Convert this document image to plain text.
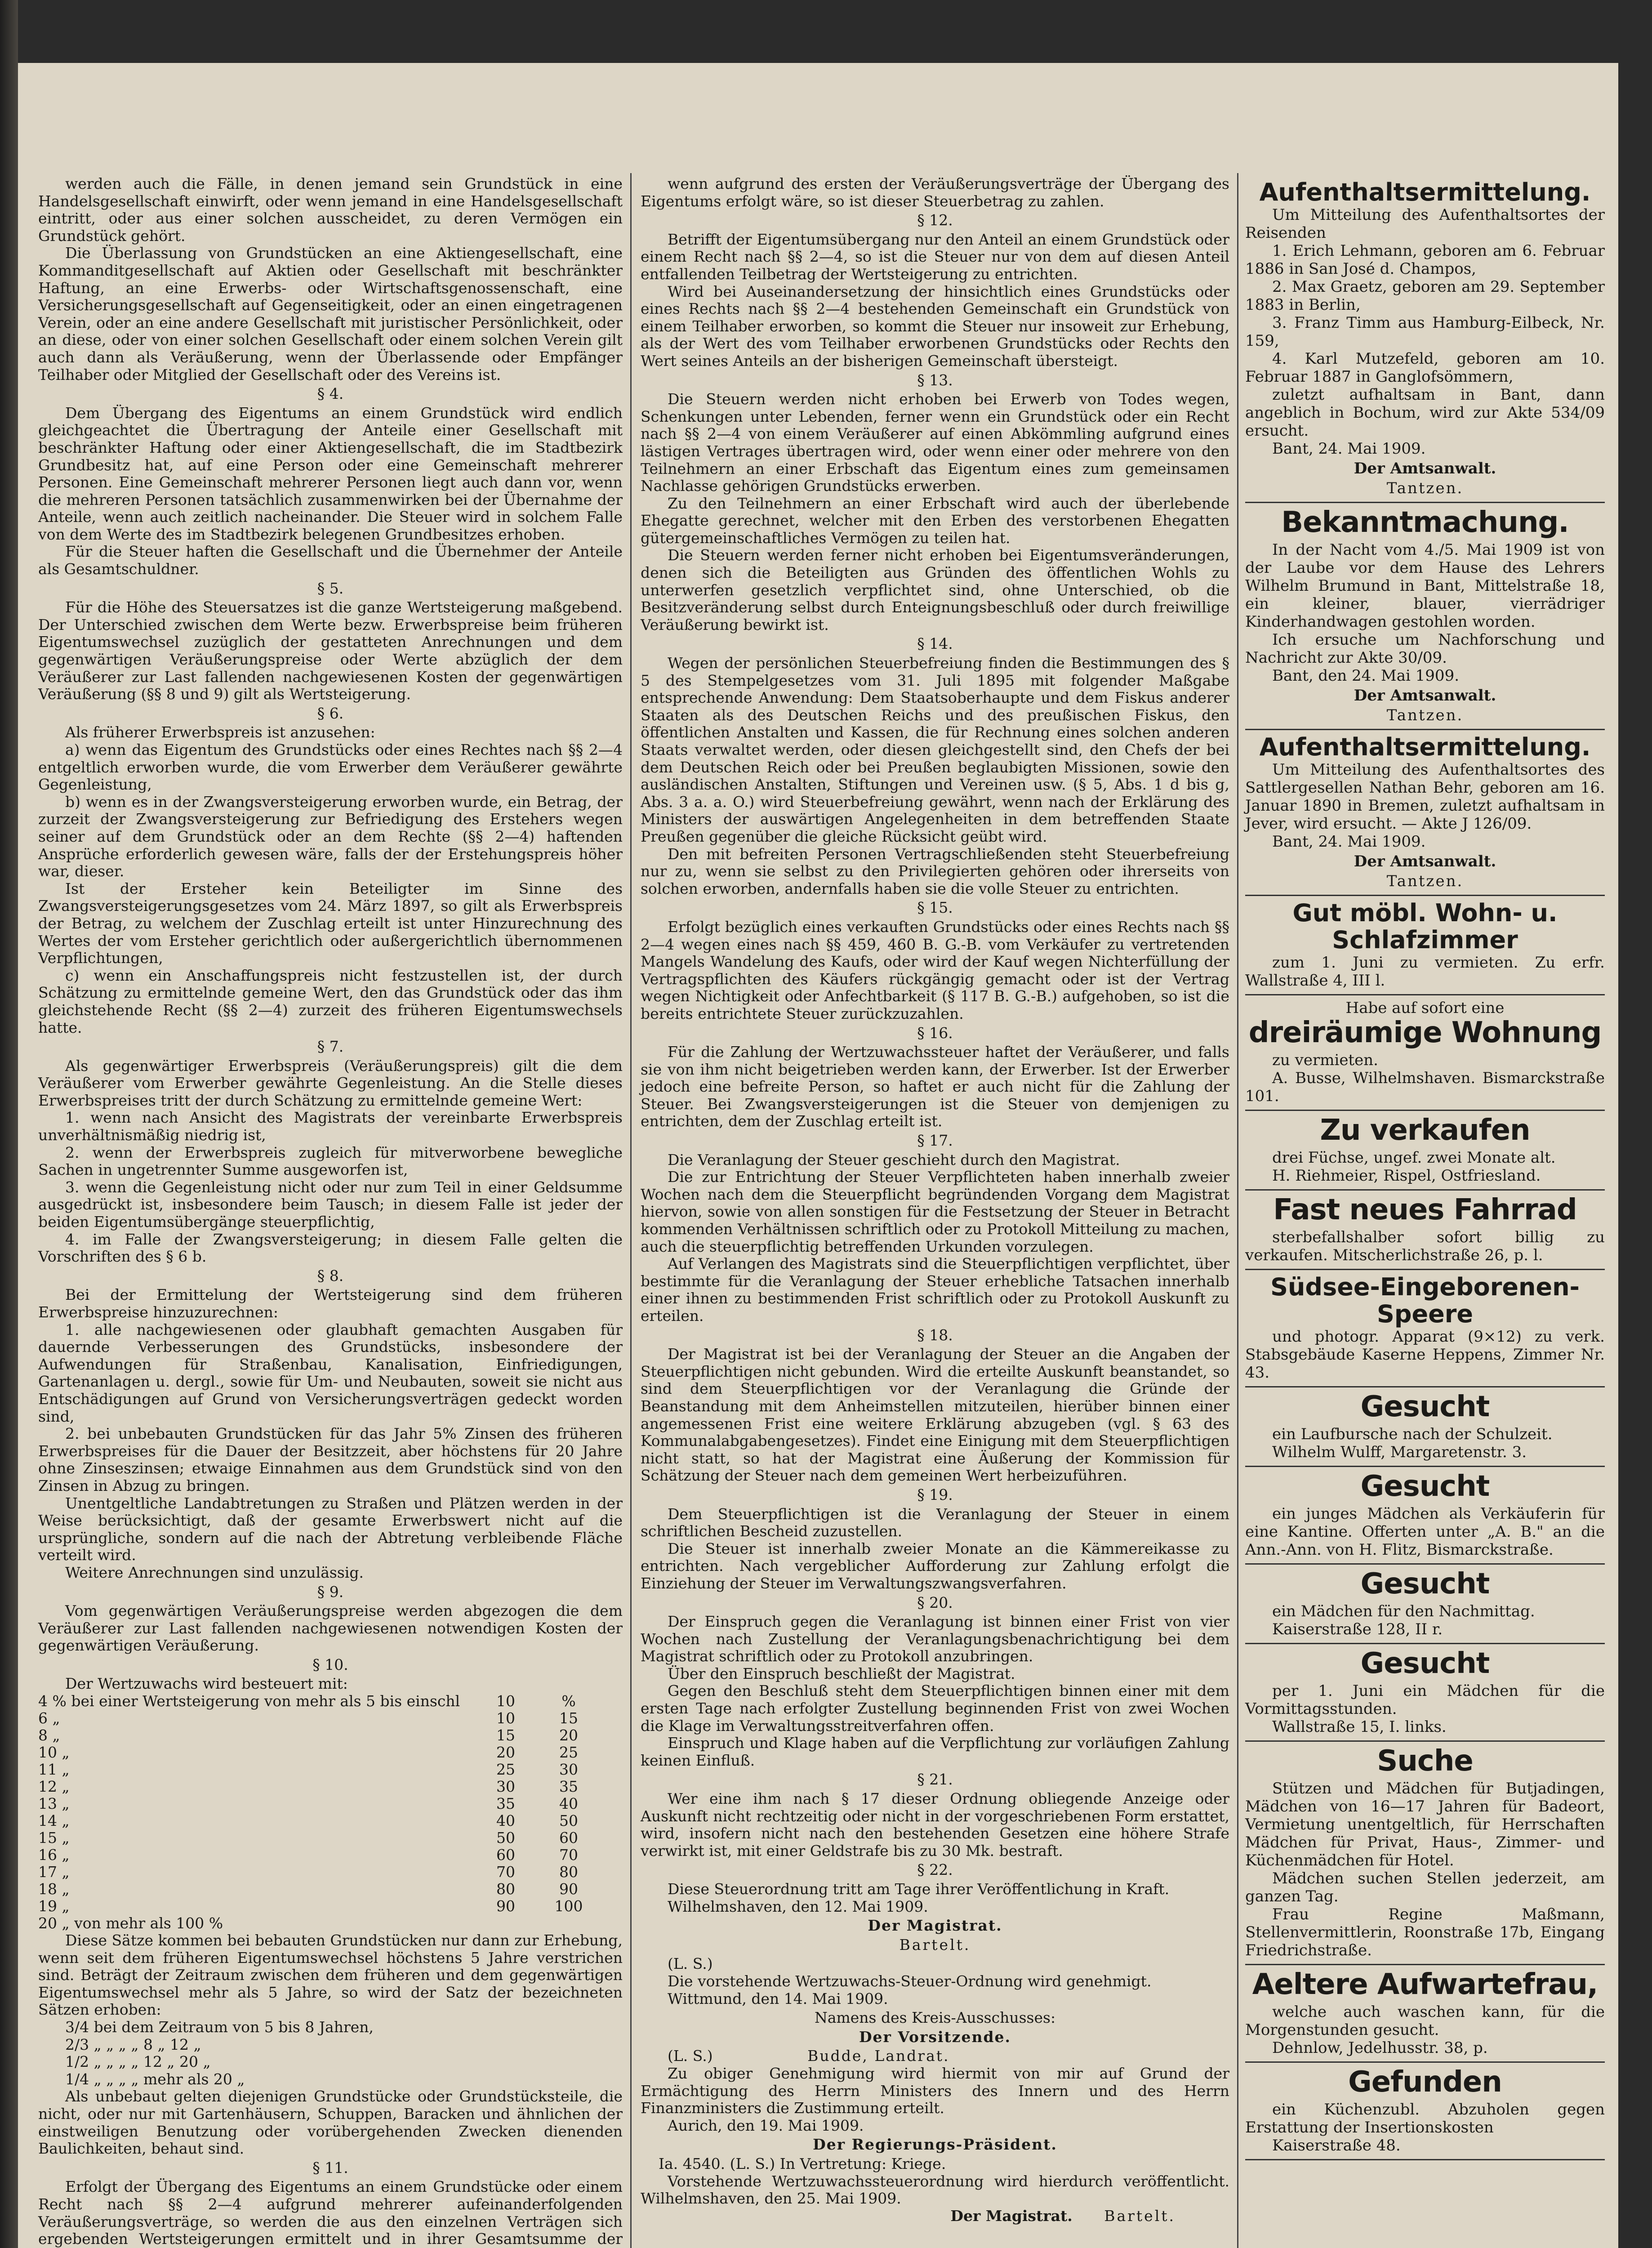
werden auch die Fälle, in denen jemand sein Grundstück in eine Handelsgesellschaft einwirft, oder wenn jemand in eine Handelsgesellschaft eintritt, oder aus einer solchen ausscheidet, zu deren Vermögen ein Grundstück gehört.

Die Überlassung von Grundstücken an eine Aktiengesellschaft, eine Kommanditgesellschaft auf Aktien oder Gesellschaft mit beschränkter Haftung, an eine Erwerbs- oder Wirtschaftsgenossenschaft, eine Versicherungsgesellschaft auf Gegenseitigkeit, oder an einen eingetragenen Verein, oder an eine andere Gesellschaft mit juristischer Persönlichkeit, oder an diese, oder von einer solchen Gesellschaft oder einem solchen Verein gilt auch dann als Veräußerung, wenn der Überlassende oder Empfänger Teilhaber oder Mitglied der Gesellschaft oder des Vereins ist.

§ 4.

Dem Übergang des Eigentums an einem Grundstück wird endlich gleichgeachtet die Übertragung der Anteile einer Gesellschaft mit beschränkter Haftung oder einer Aktiengesellschaft, die im Stadtbezirk Grundbesitz hat, auf eine Person oder eine Gemeinschaft mehrerer Personen. Eine Gemeinschaft mehrerer Personen liegt auch dann vor, wenn die mehreren Personen tatsächlich zusammenwirken bei der Übernahme der Anteile, wenn auch zeitlich nacheinander. Die Steuer wird in solchem Falle von dem Werte des im Stadtbezirk belegenen Grundbesitzes erhoben.

Für die Steuer haften die Gesellschaft und die Übernehmer der Anteile als Gesamtschuldner.

§ 5.

Für die Höhe des Steuersatzes ist die ganze Wertsteigerung maßgebend. Der Unterschied zwischen dem Werte bezw. Erwerbspreise beim früheren Eigentumswechsel zuzüglich der gestatteten Anrechnungen und dem gegenwärtigen Veräußerungspreise oder Werte abzüglich der dem Veräußerer zur Last fallenden nachgewiesenen Kosten der gegenwärtigen Veräußerung (§§ 8 und 9) gilt als Wertsteigerung.

§ 6.

Als früherer Erwerbspreis ist anzusehen:

a) wenn das Eigentum des Grundstücks oder eines Rechtes nach §§ 2—4 entgeltlich erworben wurde, die vom Erwerber dem Veräußerer gewährte Gegenleistung,

b) wenn es in der Zwangsversteigerung erworben wurde, ein Betrag, der zurzeit der Zwangsversteigerung zur Befriedigung des Erstehers wegen seiner auf dem Grundstück oder an dem Rechte (§§ 2—4) haftenden Ansprüche erforderlich gewesen wäre, falls der der Erstehungspreis höher war, dieser.

Ist der Ersteher kein Beteiligter im Sinne des Zwangsversteigerungsgesetzes vom 24. März 1897, so gilt als Erwerbspreis der Betrag, zu welchem der Zuschlag erteilt ist unter Hinzurechnung des Wertes der vom Ersteher gerichtlich oder außergerichtlich übernommenen Verpflichtungen,

c) wenn ein Anschaffungspreis nicht festzustellen ist, der durch Schätzung zu ermittelnde gemeine Wert, den das Grundstück oder das ihm gleichstehende Recht (§§ 2—4) zurzeit des früheren Eigentumswechsels hatte.

§ 7.

Als gegenwärtiger Erwerbspreis (Veräußerungspreis) gilt die dem Veräußerer vom Erwerber gewährte Gegenleistung. An die Stelle dieses Erwerbspreises tritt der durch Schätzung zu ermittelnde gemeine Wert:

1. wenn nach Ansicht des Magistrats der vereinbarte Erwerbspreis unverhältnismäßig niedrig ist,

2. wenn der Erwerbspreis zugleich für mitverworbene bewegliche Sachen in ungetrennter Summe ausgeworfen ist,

3. wenn die Gegenleistung nicht oder nur zum Teil in einer Geldsumme ausgedrückt ist, insbesondere beim Tausch; in diesem Falle ist jeder der beiden Eigentumsübergänge steuerpflichtig,

4. im Falle der Zwangsversteigerung; in diesem Falle gelten die Vorschriften des § 6 b.

§ 8.

Bei der Ermittelung der Wertsteigerung sind dem früheren Erwerbspreise hinzuzurechnen:

1. alle nachgewiesenen oder glaubhaft gemachten Ausgaben für dauernde Verbesserungen des Grundstücks, insbesondere der Aufwendungen für Straßenbau, Kanalisation, Einfriedigungen, Gartenanlagen u. dergl., sowie für Um- und Neubauten, soweit sie nicht aus Entschädigungen auf Grund von Versicherungsverträgen gedeckt worden sind,

2. bei unbebauten Grundstücken für das Jahr 5% Zinsen des früheren Erwerbspreises für die Dauer der Besitzzeit, aber höchstens für 20 Jahre ohne Zinseszinsen; etwaige Einnahmen aus dem Grundstück sind von den Zinsen in Abzug zu bringen.

Unentgeltliche Landabtretungen zu Straßen und Plätzen werden in der Weise berücksichtigt, daß der gesamte Erwerbswert nicht auf die ursprüngliche, sondern auf die nach der Abtretung verbleibende Fläche verteilt wird.

Weitere Anrechnungen sind unzulässig.

§ 9.

Vom gegenwärtigen Veräußerungspreise werden abgezogen die dem Veräußerer zur Last fallenden nachgewiesenen notwendigen Kosten der gegenwärtigen Veräußerung.

§ 10.

Der Wertzuwachs wird besteuert mit:

4 % bei einer Wertsteigerung von mehr als 5 bis einschl	10	%
6 „	10	15
8 „	15	20
10 „	20	25
11 „	25	30
12 „	30	35
13 „	35	40
14 „	40	50
15 „	50	60
16 „	60	70
17 „	70	80
18 „	80	90
19 „	90	100
20 „ von mehr als 100 %

Diese Sätze kommen bei bebauten Grundstücken nur dann zur Erhebung, wenn seit dem früheren Eigentumswechsel höchstens 5 Jahre verstrichen sind. Beträgt der Zeitraum zwischen dem früheren und dem gegenwärtigen Eigentumswechsel mehr als 5 Jahre, so wird der Satz der bezeichneten Sätzen erhoben:

3/4 bei dem Zeitraum von 5 bis 8 Jahren,

2/3 „ „ „ „ 8 „ 12 „

1/2 „ „ „ „ 12 „ 20 „

1/4 „ „ „ „ mehr als 20 „

Als unbebaut gelten diejenigen Grundstücke oder Grundstücksteile, die nicht, oder nur mit Gartenhäusern, Schuppen, Baracken und ähnlichen der einstweiligen Benutzung oder vorübergehenden Zwecken dienenden Baulichkeiten, behaut sind.

§ 11.

Erfolgt der Übergang des Eigentums an einem Grundstücke oder einem Recht nach §§ 2—4 aufgrund mehrerer aufeinanderfolgenden Veräußerungsverträge, so werden die aus den einzelnen Verträgen sich ergebenden Wertsteigerungen ermittelt und in ihrer Gesamtsumme der

wenn aufgrund des ersten der Veräußerungsverträge der Übergang des Eigentums erfolgt wäre, so ist dieser Steuerbetrag zu zahlen.

§ 12.

Betrifft der Eigentumsübergang nur den Anteil an einem Grundstück oder einem Recht nach §§ 2—4, so ist die Steuer nur von dem auf diesen Anteil entfallenden Teilbetrag der Wertsteigerung zu entrichten.

Wird bei Auseinandersetzung der hinsichtlich eines Grundstücks oder eines Rechts nach §§ 2—4 bestehenden Gemeinschaft ein Grundstück von einem Teilhaber erworben, so kommt die Steuer nur insoweit zur Erhebung, als der Wert des vom Teilhaber erworbenen Grundstücks oder Rechts den Wert seines Anteils an der bisherigen Gemeinschaft übersteigt.

§ 13.

Die Steuern werden nicht erhoben bei Erwerb von Todes wegen, Schenkungen unter Lebenden, ferner wenn ein Grundstück oder ein Recht nach §§ 2—4 von einem Veräußerer auf einen Abkömmling aufgrund eines lästigen Vertrages übertragen wird, oder wenn einer oder mehrere von den Teilnehmern an einer Erbschaft das Eigentum eines zum gemeinsamen Nachlasse gehörigen Grundstücks erwerben.

Zu den Teilnehmern an einer Erbschaft wird auch der überlebende Ehegatte gerechnet, welcher mit den Erben des verstorbenen Ehegatten gütergemeinschaftliches Vermögen zu teilen hat.

Die Steuern werden ferner nicht erhoben bei Eigentumsveränderungen, denen sich die Beteiligten aus Gründen des öffentlichen Wohls zu unterwerfen gesetzlich verpflichtet sind, ohne Unterschied, ob die Besitzveränderung selbst durch Enteignungsbeschluß oder durch freiwillige Veräußerung bewirkt ist.

§ 14.

Wegen der persönlichen Steuerbefreiung finden die Bestimmungen des § 5 des Stempelgesetzes vom 31. Juli 1895 mit folgender Maßgabe entsprechende Anwendung: Dem Staatsoberhaupte und dem Fiskus anderer Staaten als des Deutschen Reichs und des preußischen Fiskus, den öffentlichen Anstalten und Kassen, die für Rechnung eines solchen anderen Staats verwaltet werden, oder diesen gleichgestellt sind, den Chefs der bei dem Deutschen Reich oder bei Preußen beglaubigten Missionen, sowie den ausländischen Anstalten, Stiftungen und Vereinen usw. (§ 5, Abs. 1 d bis g, Abs. 3 a. a. O.) wird Steuerbefreiung gewährt, wenn nach der Erklärung des Ministers der auswärtigen Angelegenheiten in dem betreffenden Staate Preußen gegenüber die gleiche Rücksicht geübt wird.

Den mit befreiten Personen Vertragschließenden steht Steuerbefreiung nur zu, wenn sie selbst zu den Privilegierten gehören oder ihrerseits von solchen erworben, andernfalls haben sie die volle Steuer zu entrichten.

§ 15.

Erfolgt bezüglich eines verkauften Grundstücks oder eines Rechts nach §§ 2—4 wegen eines nach §§ 459, 460 B. G.-B. vom Verkäufer zu vertretenden Mangels Wandelung des Kaufs, oder wird der Kauf wegen Nichterfüllung der Vertragspflichten des Käufers rückgängig gemacht oder ist der Vertrag wegen Nichtigkeit oder Anfechtbarkeit (§ 117 B. G.-B.) aufgehoben, so ist die bereits entrichtete Steuer zurückzuzahlen.

§ 16.

Für die Zahlung der Wertzuwachssteuer haftet der Veräußerer, und falls sie von ihm nicht beigetrieben werden kann, der Erwerber. Ist der Erwerber jedoch eine befreite Person, so haftet er auch nicht für die Zahlung der Steuer. Bei Zwangsversteigerungen ist die Steuer von demjenigen zu entrichten, dem der Zuschlag erteilt ist.

§ 17.

Die Veranlagung der Steuer geschieht durch den Magistrat.

Die zur Entrichtung der Steuer Verpflichteten haben innerhalb zweier Wochen nach dem die Steuerpflicht begründenden Vorgang dem Magistrat hiervon, sowie von allen sonstigen für die Festsetzung der Steuer in Betracht kommenden Verhältnissen schriftlich oder zu Protokoll Mitteilung zu machen, auch die steuerpflichtig betreffenden Urkunden vorzulegen.

Auf Verlangen des Magistrats sind die Steuerpflichtigen verpflichtet, über bestimmte für die Veranlagung der Steuer erhebliche Tatsachen innerhalb einer ihnen zu bestimmenden Frist schriftlich oder zu Protokoll Auskunft zu erteilen.

§ 18.

Der Magistrat ist bei der Veranlagung der Steuer an die Angaben der Steuerpflichtigen nicht gebunden. Wird die erteilte Auskunft beanstandet, so sind dem Steuerpflichtigen vor der Veranlagung die Gründe der Beanstandung mit dem Anheimstellen mitzuteilen, hierüber binnen einer angemessenen Frist eine weitere Erklärung abzugeben (vgl. § 63 des Kommunalabgabengesetzes). Findet eine Einigung mit dem Steuerpflichtigen nicht statt, so hat der Magistrat eine Äußerung der Kommission für Schätzung der Steuer nach dem gemeinen Wert herbeizuführen.

§ 19.

Dem Steuerpflichtigen ist die Veranlagung der Steuer in einem schriftlichen Bescheid zuzustellen.

Die Steuer ist innerhalb zweier Monate an die Kämmereikasse zu entrichten. Nach vergeblicher Aufforderung zur Zahlung erfolgt die Einziehung der Steuer im Verwaltungszwangsverfahren.

§ 20.

Der Einspruch gegen die Veranlagung ist binnen einer Frist von vier Wochen nach Zustellung der Veranlagungsbenachrichtigung bei dem Magistrat schriftlich oder zu Protokoll anzubringen.

Über den Einspruch beschließt der Magistrat.

Gegen den Beschluß steht dem Steuerpflichtigen binnen einer mit dem ersten Tage nach erfolgter Zustellung beginnenden Frist von zwei Wochen die Klage im Verwaltungsstreitverfahren offen.

Einspruch und Klage haben auf die Verpflichtung zur vorläufigen Zahlung keinen Einfluß.

§ 21.

Wer eine ihm nach § 17 dieser Ordnung obliegende Anzeige oder Auskunft nicht rechtzeitig oder nicht in der vorgeschriebenen Form erstattet, wird, insofern nicht nach den bestehenden Gesetzen eine höhere Strafe verwirkt ist, mit einer Geldstrafe bis zu 30 Mk. bestraft.

§ 22.

Diese Steuerordnung tritt am Tage ihrer Veröffentlichung in Kraft.

Wilhelmshaven, den 12. Mai 1909.

Der Magistrat.

Bartelt.

(L. S.)

Die vorstehende Wertzuwachs-Steuer-Ordnung wird genehmigt.

Wittmund, den 14. Mai 1909.

Namens des Kreis-Ausschusses:

Der Vorsitzende.

(L. S.)	Budde, Landrat.

Zu obiger Genehmigung wird hiermit von mir auf Grund der Ermächtigung des Herrn Ministers des Innern und des Herrn Finanzministers die Zustimmung erteilt.

Aurich, den 19. Mai 1909.

Der Regierungs-Präsident.

Ia. 4540. (L. S.) In Vertretung: Kriege.

Vorstehende Wertzuwachssteuerordnung wird hierdurch veröffentlicht. Wilhelmshaven, den 25. Mai 1909.

Der Magistrat. Bartelt.

Aufenthaltsermittelung.

Um Mitteilung des Aufenthaltsortes der Reisenden

1. Erich Lehmann, geboren am 6. Februar 1886 in San José d. Champos,

2. Max Graetz, geboren am 29. September 1883 in Berlin,

3. Franz Timm aus Hamburg-Eilbeck, Nr. 159,

4. Karl Mutzefeld, geboren am 10. Februar 1887 in Ganglofsömmern,

zuletzt aufhaltsam in Bant, dann angeblich in Bochum, wird zur Akte 534/09 ersucht.

Bant, 24. Mai 1909.

Der Amtsanwalt.

Tantzen.

Bekanntmachung.

In der Nacht vom 4./5. Mai 1909 ist von der Laube vor dem Hause des Lehrers Wilhelm Brumund in Bant, Mittelstraße 18, ein kleiner, blauer, vierrädriger Kinderhandwagen gestohlen worden.

Ich ersuche um Nachforschung und Nachricht zur Akte 30/09.

Bant, den 24. Mai 1909.

Der Amtsanwalt.

Tantzen.

Aufenthaltsermittelung.

Um Mitteilung des Aufenthaltsortes des Sattlergesellen Nathan Behr, geboren am 16. Januar 1890 in Bremen, zuletzt aufhaltsam in Jever, wird ersucht. — Akte J 126/09.

Bant, 24. Mai 1909.

Der Amtsanwalt.

Tantzen.

Gut möbl. Wohn- u. Schlafzimmer

zum 1. Juni zu vermieten. Zu erfr. Wallstraße 4, III l.

Habe auf sofort eine

dreiräumige Wohnung

zu vermieten.

A. Busse, Wilhelmshaven. Bismarckstraße 101.

Zu verkaufen

drei Füchse, ungef. zwei Monate alt.

H. Riehmeier, Rispel, Ostfriesland.

Fast neues Fahrrad

sterbefallshalber sofort billig zu verkaufen. Mitscherlichstraße 26, p. l.

Südsee-Eingeborenen-Speere

und photogr. Apparat (9×12) zu verk. Stabsgebäude Kaserne Heppens, Zimmer Nr. 43.

Gesucht

ein Laufbursche nach der Schulzeit.

Wilhelm Wulff, Margaretenstr. 3.

Gesucht

ein junges Mädchen als Verkäuferin für eine Kantine. Offerten unter „A. B." an die Ann.-Ann. von H. Flitz, Bismarckstraße.

Gesucht

ein Mädchen für den Nachmittag.

Kaiserstraße 128, II r.

Gesucht

per 1. Juni ein Mädchen für die Vormittagsstunden.

Wallstraße 15, I. links.

Suche

Stützen und Mädchen für Butjadingen, Mädchen von 16—17 Jahren für Badeort, Vermietung unentgeltlich, für Herrschaften Mädchen für Privat, Haus-, Zimmer- und Küchenmädchen für Hotel.

Mädchen suchen Stellen jederzeit, am ganzen Tag.

Frau Regine Maßmann, Stellenvermittlerin, Roonstraße 17b, Eingang Friedrichstraße.

Aeltere Aufwartefrau,

welche auch waschen kann, für die Morgenstunden gesucht.

Dehnlow, Jedelhusstr. 38, p.

Gefunden

ein Küchenzubl. Abzuholen gegen Erstattung der Insertionskosten

Kaiserstraße 48.
